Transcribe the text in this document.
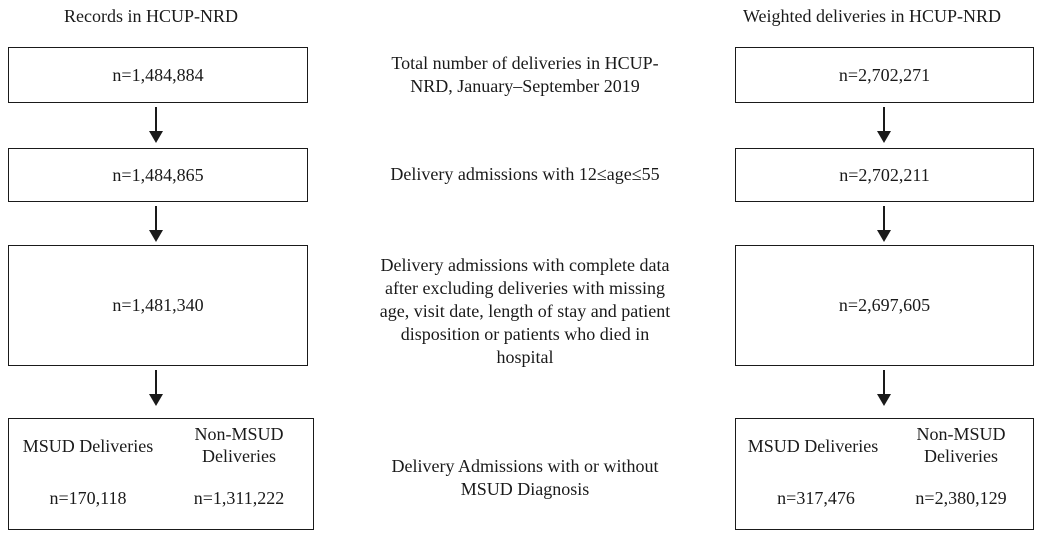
Records in HCUP-NRD	Weighted deliveries in HCUP-NRD
n=1,484,884
Total number of deliveries in HCUP-
NRD, January–September 2019
n=2,702,271
n=1,484,865	Delivery admissions with 12≤age≤55	n=2,702,211
n=1,481,340
Delivery admissions with complete data
after excluding deliveries with missing
age, visit date, length of stay and patient
disposition or patients who died in
hospital
n=2,697,605
MSUD Deliveries
Non-MSUD
Deliveries
n=170,118	n=1,311,222
Delivery Admissions with or without
MSUD Diagnosis
MSUD Deliveries
Non-MSUD
Deliveries
n=317,476	n=2,380,129
